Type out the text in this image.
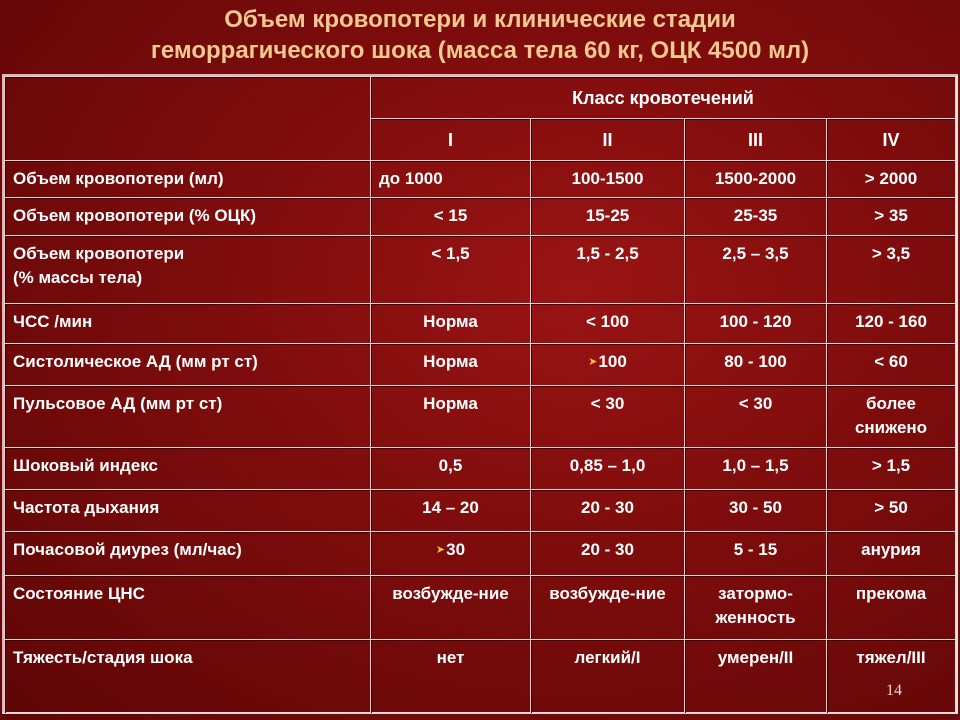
Объем кровопотери и клинические стадии
геморрагического шока (масса тела 60 кг, ОЦК 4500 мл)
	Класс кровотечений			
	I	II	III	IV
Объем кровопотери (мл)	до 1000	100-1500	1500-2000	> 2000
Объем кровопотери (% ОЦК)	< 15	15-25	25-35	> 35

Объем кровопотери
(% массы тела)	< 1,5	1,5 - 2,5	2,5 – 3,5	> 3,5
ЧСС /мин	Норма	< 100	100 - 120	120 - 160
Систолическое АД (мм рт ст)	Норма	➤100	80 - 100	< 60
Пульсовое АД (мм рт ст)	Норма	< 30	< 30	более снижено
Шоковый индекс	0,5	0,85 – 1,0	1,0 – 1,5	> 1,5
Частота дыхания	14 – 20	20 - 30	30 - 50	> 50
Почасовой диурез (мл/час)	➤30	20 - 30	5 - 15	анурия
Состояние ЦНС	возбужде-ние	возбужде-ние	затормо-женность	прекома
Тяжесть/стадия шока	нет	легкий/I	умерен/II	тяжел/III
14
